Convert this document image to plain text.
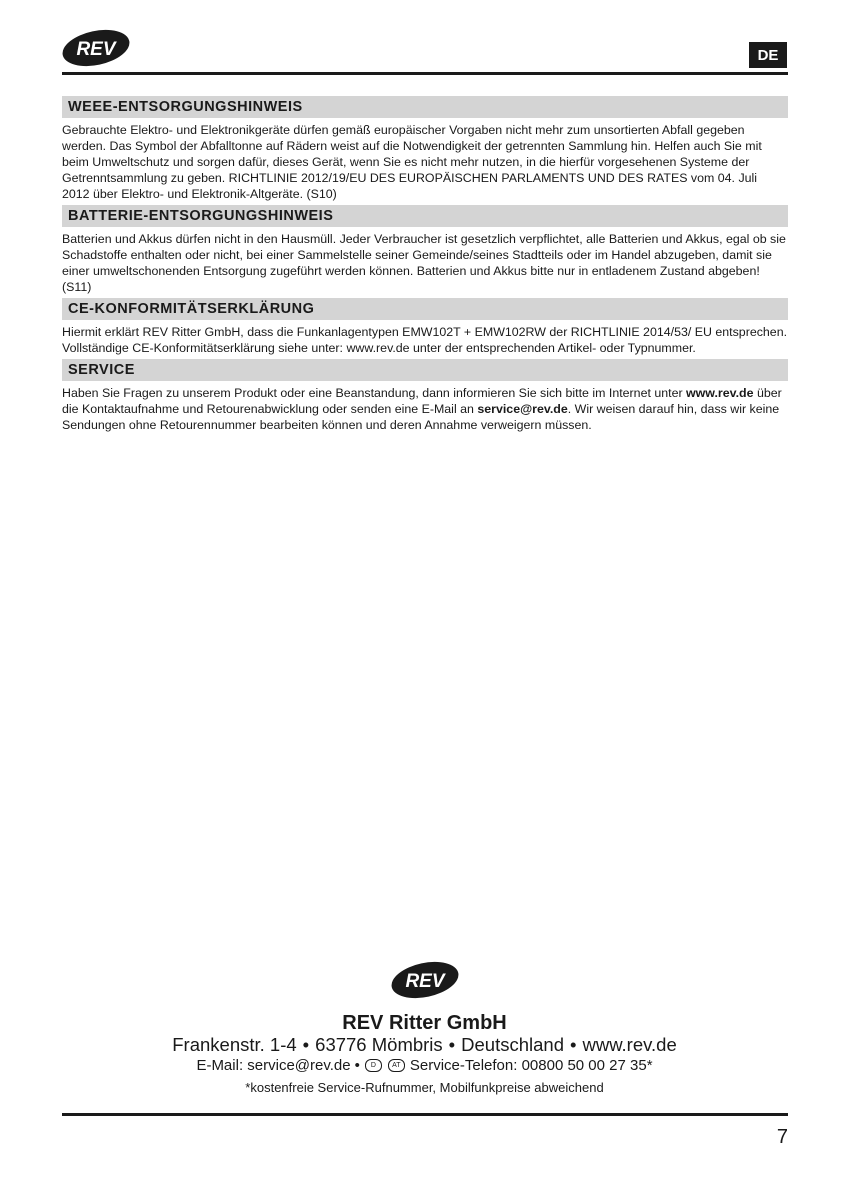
REV	DE
WEEE-ENTSORGUNGSHINWEIS
Gebrauchte Elektro- und Elektronikgeräte dürfen gemäß europäischer Vorgaben nicht mehr zum unsortierten Abfall gegeben werden. Das Symbol der Abfalltonne auf Rädern weist auf die Notwendigkeit der getrennten Sammlung hin. Helfen auch Sie mit beim Umweltschutz und sorgen dafür, dieses Gerät, wenn Sie es nicht mehr nutzen, in die hierfür vorgesehenen Systeme der Getrenntsammlung zu geben. RICHTLINIE 2012/19/EU DES EUROPÄISCHEN PARLAMENTS UND DES RATES vom 04. Juli 2012 über Elektro- und Elektronik-Altgeräte. (S10)
BATTERIE-ENTSORGUNGSHINWEIS
Batterien und Akkus dürfen nicht in den Hausmüll. Jeder Verbraucher ist gesetzlich verpflichtet, alle Batterien und Akkus, egal ob sie Schadstoffe enthalten oder nicht, bei einer Sammelstelle seiner Gemeinde/seines Stadtteils oder im Handel abzugeben, damit sie einer umweltschonenden Entsorgung zugeführt werden können. Batterien und Akkus bitte nur in entladenem Zustand abgeben! (S11)
CE-KONFORMITÄTSERKLÄRUNG
Hiermit erklärt REV Ritter GmbH, dass die Funkanlagentypen EMW102T + EMW102RW der RICHTLINIE 2014/53/ EU entsprechen. Vollständige CE-Konformitätserklärung siehe unter: www.rev.de unter der entsprechenden Artikel- oder Typnummer.
SERVICE
Haben Sie Fragen zu unserem Produkt oder eine Beanstandung, dann informieren Sie sich bitte im Internet unter www.rev.de über die Kontaktaufnahme und Retourenabwicklung oder senden eine E-Mail an service@rev.de. Wir weisen darauf hin, dass wir keine Sendungen ohne Retourennummer bearbeiten können und deren Annahme verweigern müssen.
REV
REV Ritter GmbH
Frankenstr. 1-4 • 63776 Mömbris • Deutschland • www.rev.de
E-Mail: service@rev.de •	D	AT Service-Telefon: 00800 50 00 27 35*
*kostenfreie Service-Rufnummer, Mobilfunkpreise abweichend
7
